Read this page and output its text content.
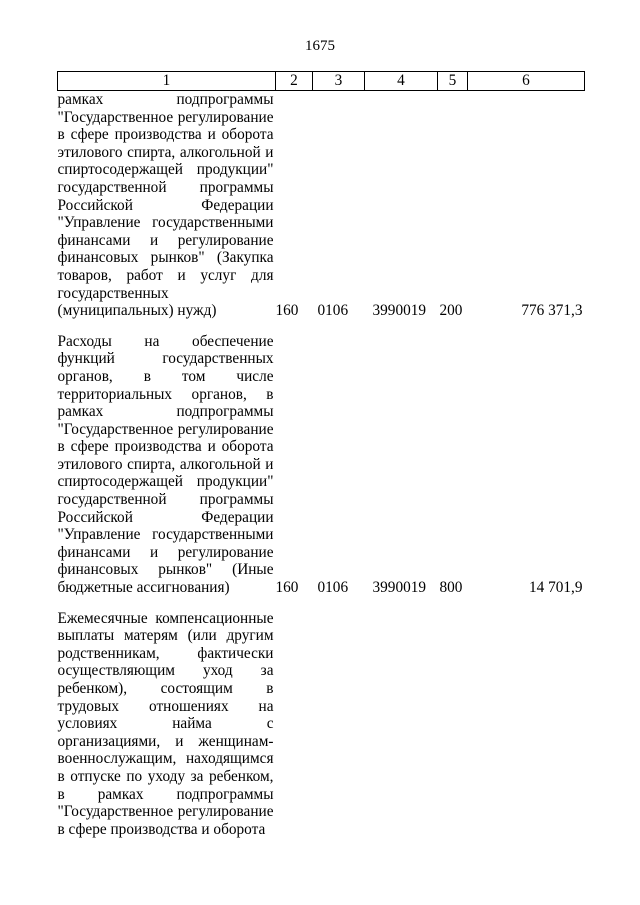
1675
1	2	3	4	5	6
рамках подпрограммы "Государственное регулирование в сфере производства и оборота этилового спирта, алкогольной и спиртосодержащей продукции" государственной программы Российской Федерации "Управление государственными финансами и регулирование финансовых рынков" (Закупка товаров, работ и услуг для государственных (муниципальных) нужд)	160	0106	3990019	200	776 371,3
Расходы на обеспечение функций государственных органов, в том числе территориальных органов, в рамках подпрограммы "Государственное регулирование в сфере производства и оборота этилового спирта, алкогольной и спиртосодержащей продукции" государственной программы Российской Федерации "Управление государственными финансами и регулирование финансовых рынков" (Иные бюджетные ассигнования)	160	0106	3990019	800	14 701,9
Ежемесячные компенсационные выплаты матерям (или другим родственникам, фактически осуществляющим уход за ребенком), состоящим в трудовых отношениях на условиях найма с организациями, и женщинам-военнослужащим, находящимся в отпуске по уходу за ребенком, в рамках подпрограммы "Государственное регулирование в сфере производства и оборота					
